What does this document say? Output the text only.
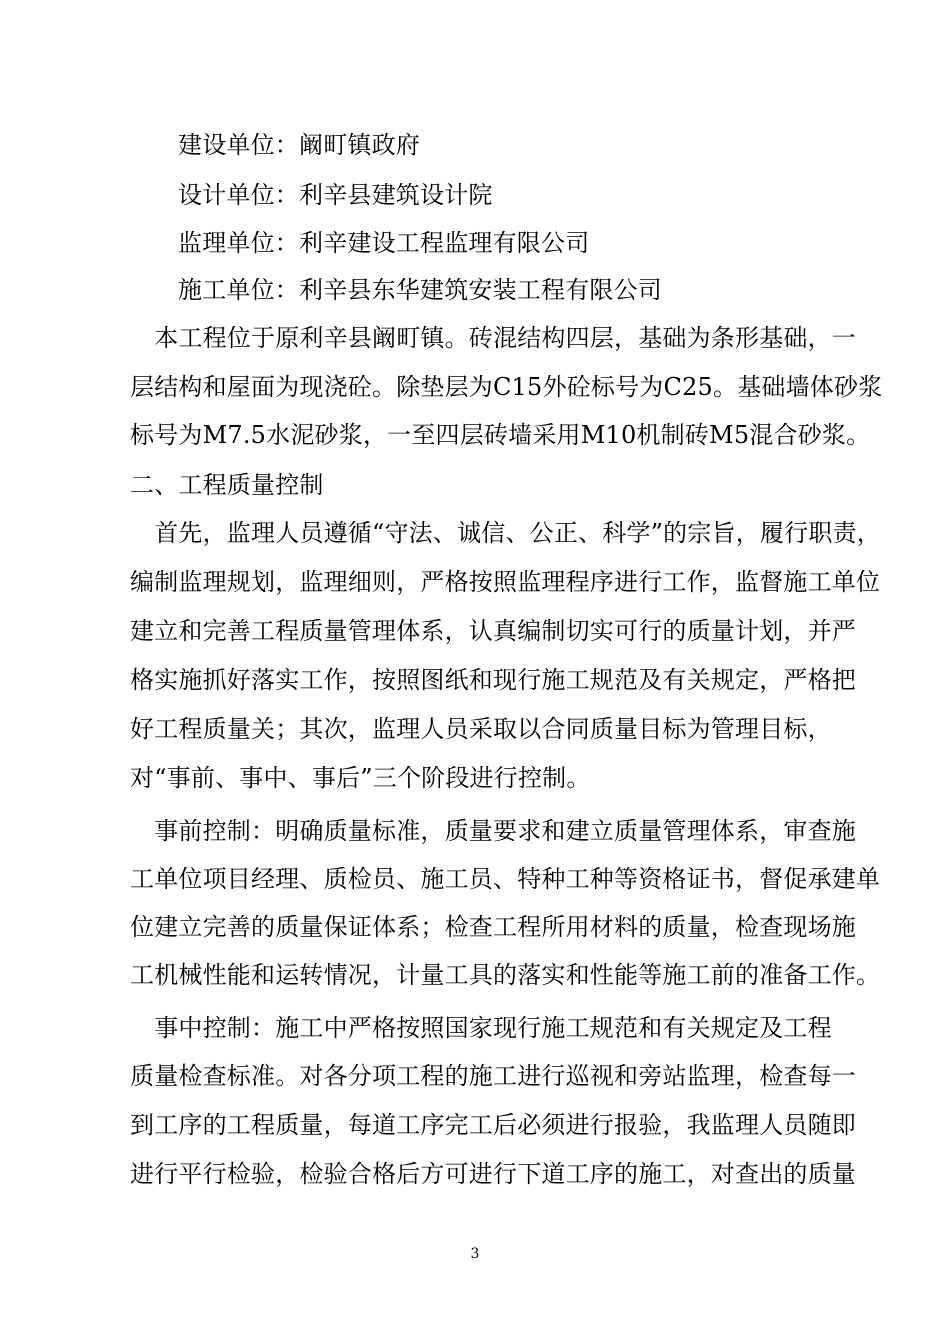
建设单位：阚町镇政府
设计单位：利辛县建筑设计院
监理单位：利辛建设工程监理有限公司
施工单位：利辛县东华建筑安装工程有限公司
　本工程位于原利辛县阚町镇。砖混结构四层，基础为条形基础，一
层结构和屋面为现浇砼。除垫层为C15外砼标号为C25。基础墙体砂浆
标号为M7.5水泥砂浆，一至四层砖墙采用M10机制砖M5混合砂浆。
二、工程质量控制
　首先，监理人员遵循“守法、诚信、公正、科学”的宗旨，履行职责，
编制监理规划，监理细则，严格按照监理程序进行工作，监督施工单位
建立和完善工程质量管理体系，认真编制切实可行的质量计划，并严
格实施抓好落实工作，按照图纸和现行施工规范及有关规定，严格把
好工程质量关；其次，监理人员采取以合同质量目标为管理目标，
对“事前、事中、事后”三个阶段进行控制。
　事前控制：明确质量标准，质量要求和建立质量管理体系，审查施
工单位项目经理、质检员、施工员、特种工种等资格证书，督促承建单
位建立完善的质量保证体系；检查工程所用材料的质量，检查现场施
工机械性能和运转情况，计量工具的落实和性能等施工前的准备工作。
　事中控制：施工中严格按照国家现行施工规范和有关规定及工程
质量检查标准。对各分项工程的施工进行巡视和旁站监理，检查每一
到工序的工程质量，每道工序完工后必须进行报验，我监理人员随即
进行平行检验，检验合格后方可进行下道工序的施工，对查出的质量
3
